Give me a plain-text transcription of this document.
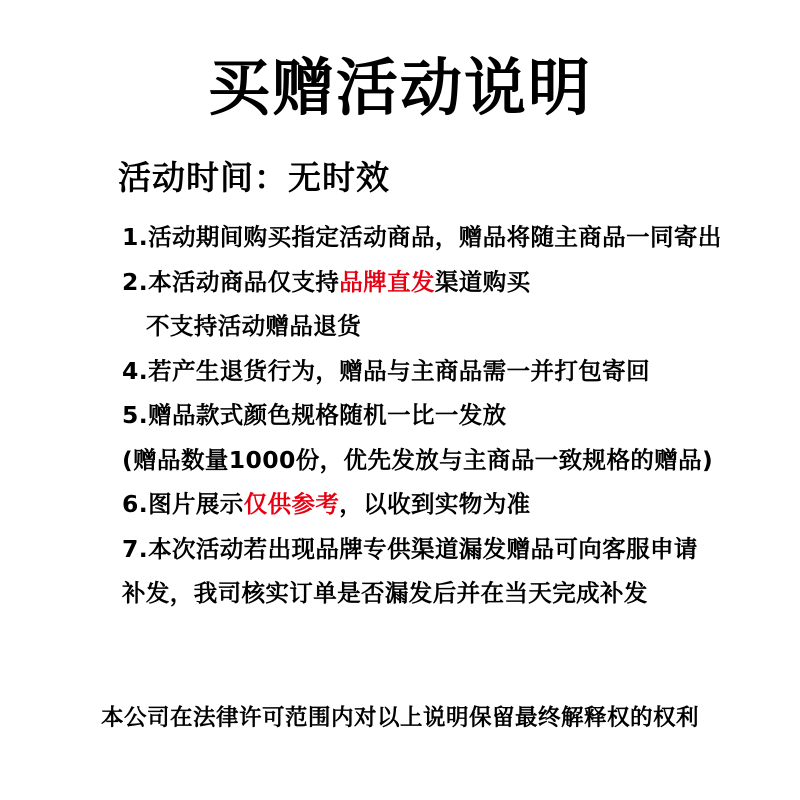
买赠活动说明
活动时间：无时效
1.活动期间购买指定活动商品，赠品将随主商品一同寄出
2.本活动商品仅支持品牌直发渠道购买
不支持活动赠品退货
4.若产生退货行为，赠品与主商品需一并打包寄回
5.赠品款式颜色规格随机一比一发放
(赠品数量1000份，优先发放与主商品一致规格的赠品)
6.图片展示仅供参考，以收到实物为准
7.本次活动若出现品牌专供渠道漏发赠品可向客服申请
补发，我司核实订单是否漏发后并在当天完成补发
本公司在法律许可范围内对以上说明保留最终解释权的权利
